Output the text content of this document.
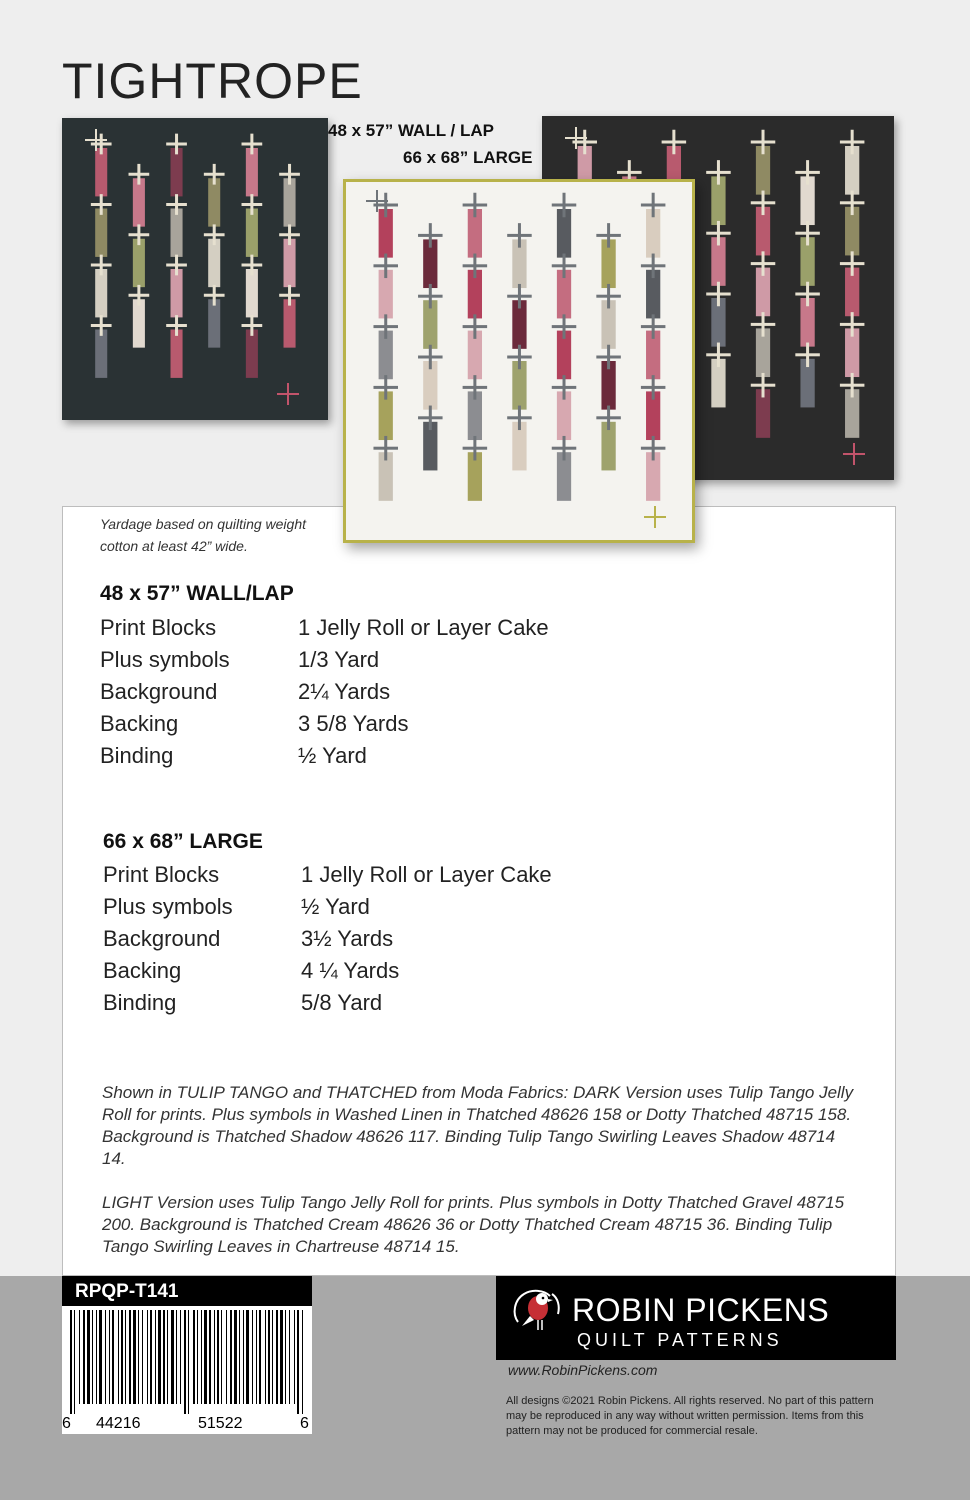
TIGHTROPE
48 x 57” WALL / LAP
66 x 68” LARGE
Yardage based on quilting weight cotton at least 42” wide.
48 x 57” WALL/LAP
Print Blocks	1 Jelly Roll or Layer Cake
Plus symbols	1/3 Yard
Background	2¼ Yards
Backing	3 5/8 Yards
Binding	½ Yard
66 x 68” LARGE
Print Blocks	1 Jelly Roll or Layer Cake
Plus symbols	½ Yard
Background	3½ Yards
Backing	4 ¼ Yards
Binding	5/8 Yard
Shown in TULIP TANGO and THATCHED from Moda Fabrics: DARK Version uses Tulip Tango Jelly Roll for prints. Plus symbols in Washed Linen in Thatched 48626 158 or Dotty Thatched 48715 158. Background is Thatched Shadow 48626 117. Binding Tulip Tango Swirling Leaves Shadow 48714 14.
LIGHT Version uses Tulip Tango Jelly Roll for prints. Plus symbols in Dotty Thatched Gravel 48715 200. Background is Thatched Cream 48626 36 or Dotty Thatched Cream 48715 36. Binding Tulip Tango Swirling Leaves in Chartreuse 48714 15.
RPQP-T141
6 44216	51522	6
ROBIN PICKENS
QUILT PATTERNS
www.RobinPickens.com
All designs ©2021 Robin Pickens. All rights reserved. No part of this pattern may be reproduced in any way without written permission. Items from this pattern may not be produced for commercial resale.
